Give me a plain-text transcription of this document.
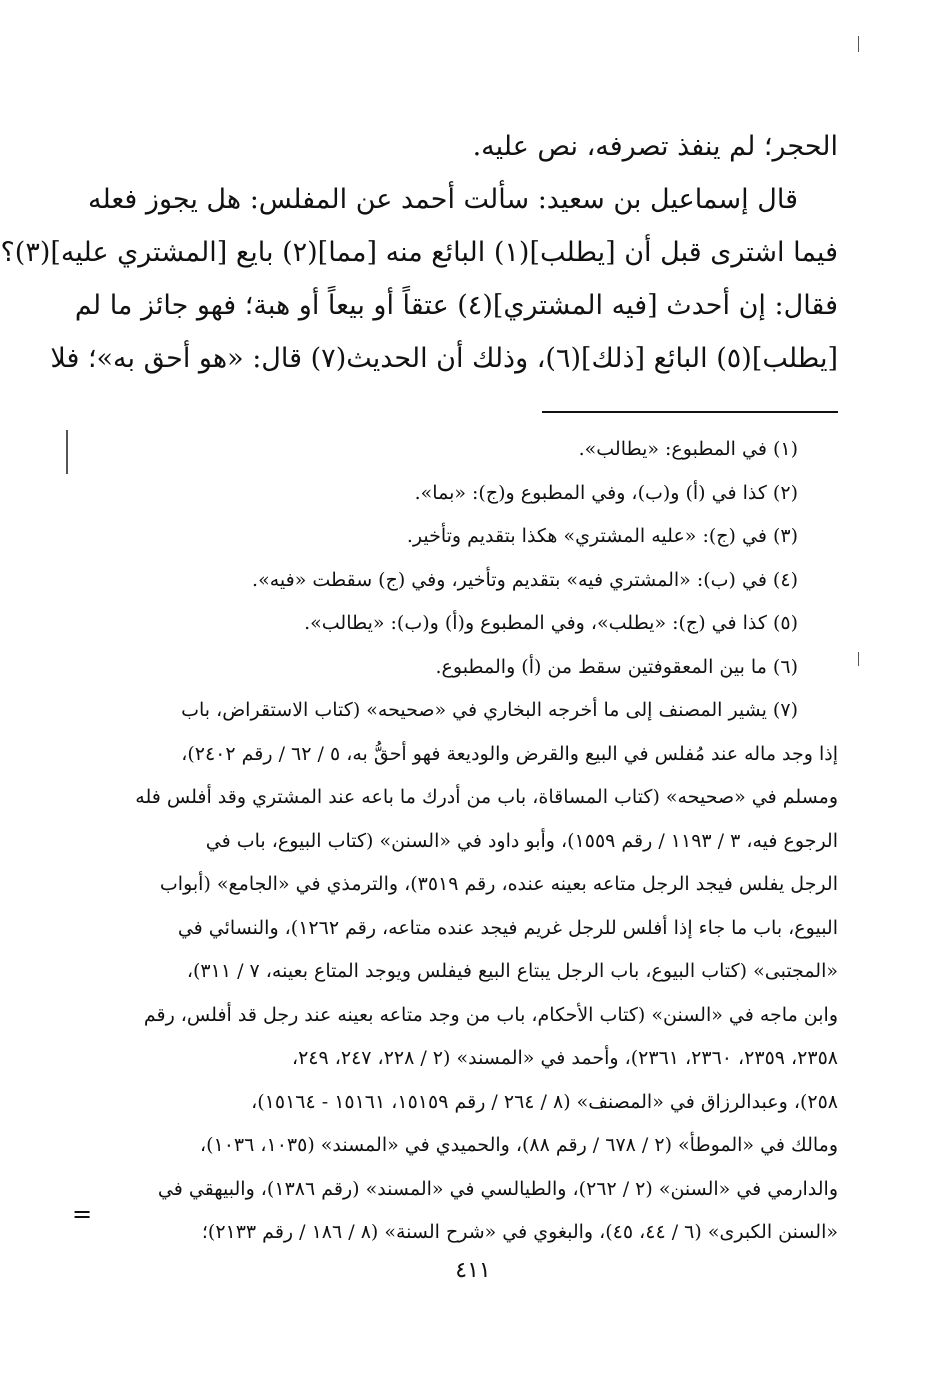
الحجر؛ لم ينفذ تصرفه، نص عليه.
قال إسماعيل بن سعيد: سألت أحمد عن المفلس: هل يجوز فعله
فيما اشترى قبل أن [يطلب](١) البائع منه [مما](٢) بايع [المشتري عليه](٣)؟
فقال: إن أحدث [فيه المشتري](٤) عتقاً أو بيعاً أو هبة؛ فهو جائز ما لم
[يطلب](٥) البائع [ذلك](٦)، وذلك أن الحديث(٧) قال: «هو أحق به»؛ فلا
(١) في المطبوع: «يطالب».
(٢) كذا في (أ) و(ب)، وفي المطبوع و(ج): «بما».
(٣) في (ج): «عليه المشتري» هكذا بتقديم وتأخير.
(٤) في (ب): «المشتري فيه» بتقديم وتأخير، وفي (ج) سقطت «فيه».
(٥) كذا في (ج): «يطلب»، وفي المطبوع و(أ) و(ب): «يطالب».
(٦) ما بين المعقوفتين سقط من (أ) والمطبوع.
(٧) يشير المصنف إلى ما أخرجه البخاري في «صحيحه» (كتاب الاستقراض، باب
إذا وجد ماله عند مُفلس في البيع والقرض والوديعة فهو أحقُّ به، ٥ / ٦٢ / رقم ٢٤٠٢)،
ومسلم في «صحيحه» (كتاب المساقاة، باب من أدرك ما باعه عند المشتري وقد أفلس فله
الرجوع فيه، ٣ / ١١٩٣ / رقم ١٥٥٩)، وأبو داود في «السنن» (كتاب البيوع، باب في
الرجل يفلس فيجد الرجل متاعه بعينه عنده، رقم ٣٥١٩)، والترمذي في «الجامع» (أبواب
البيوع، باب ما جاء إذا أفلس للرجل غريم فيجد عنده متاعه، رقم ١٢٦٢)، والنسائي في
«المجتبى» (كتاب البيوع، باب الرجل يبتاع البيع فيفلس ويوجد المتاع بعينه، ٧ / ٣١١)،
وابن ماجه في «السنن» (كتاب الأحكام، باب من وجد متاعه بعينه عند رجل قد أفلس، رقم
٢٣٥٨، ٢٣٥٩، ٢٣٦٠، ٢٣٦١)، وأحمد في «المسند» (٢ / ٢٢٨، ٢٤٧، ٢٤٩،
٢٥٨)، وعبدالرزاق في «المصنف» (٨ / ٢٦٤ / رقم ١٥١٥٩، ١٥١٦١ - ١٥١٦٤)،
ومالك في «الموطأ» (٢ / ٦٧٨ / رقم ٨٨)، والحميدي في «المسند» (١٠٣٥، ١٠٣٦)،
والدارمي في «السنن» (٢ / ٢٦٢)، والطيالسي في «المسند» (رقم ١٣٨٦)، والبيهقي في
«السنن الكبرى» (٦ / ٤٤، ٤٥)، والبغوي في «شرح السنة» (٨ / ١٨٦ / رقم ٢١٣٣)؛
=
٤١١
